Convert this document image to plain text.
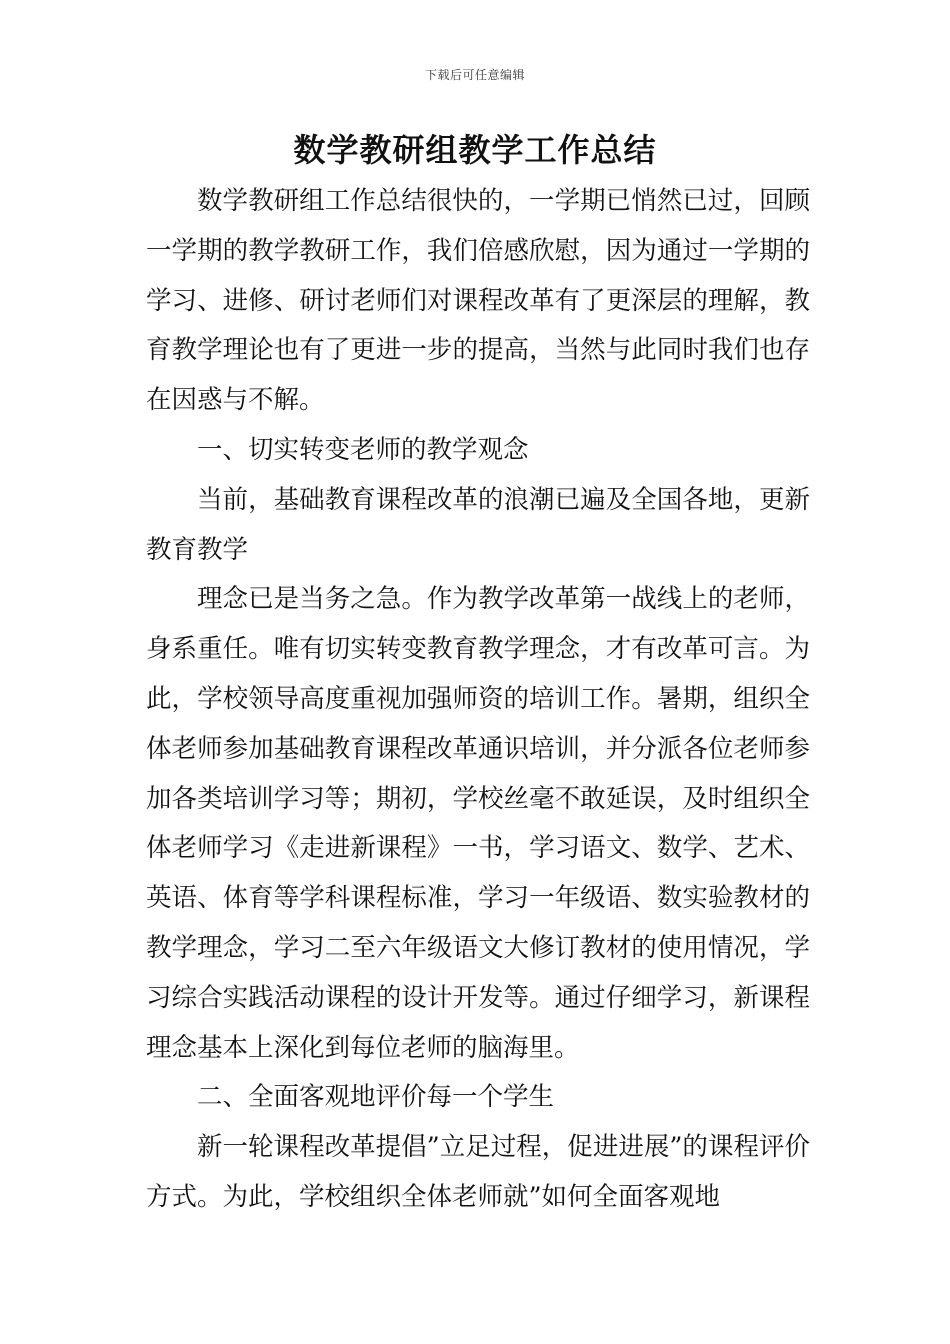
下载后可任意编辑
数学教研组教学工作总结

数学教研组工作总结很快的，一学期已悄然已过，回顾一学期的教学教研工作，我们倍感欣慰，因为通过一学期的学习、进修、研讨老师们对课程改革有了更深层的理解，教育教学理论也有了更进一步的提高，当然与此同时我们也存在因惑与不解。

一、切实转变老师的教学观念

当前，基础教育课程改革的浪潮已遍及全国各地，更新教育教学

理念已是当务之急。作为教学改革第一战线上的老师，身系重任。唯有切实转变教育教学理念，才有改革可言。为此，学校领导高度重视加强师资的培训工作。暑期，组织全体老师参加基础教育课程改革通识培训，并分派各位老师参加各类培训学习等；期初，学校丝毫不敢延误，及时组织全体老师学习《走进新课程》一书，学习语文、数学、艺术、英语、体育等学科课程标准，学习一年级语、数实验教材的教学理念，学习二至六年级语文大修订教材的使用情况，学习综合实践活动课程的设计开发等。通过仔细学习，新课程理念基本上深化到每位老师的脑海里。

二、全面客观地评价每一个学生

新一轮课程改革提倡”立足过程，促进进展”的课程评价方式。为此，学校组织全体老师就”如何全面客观地
